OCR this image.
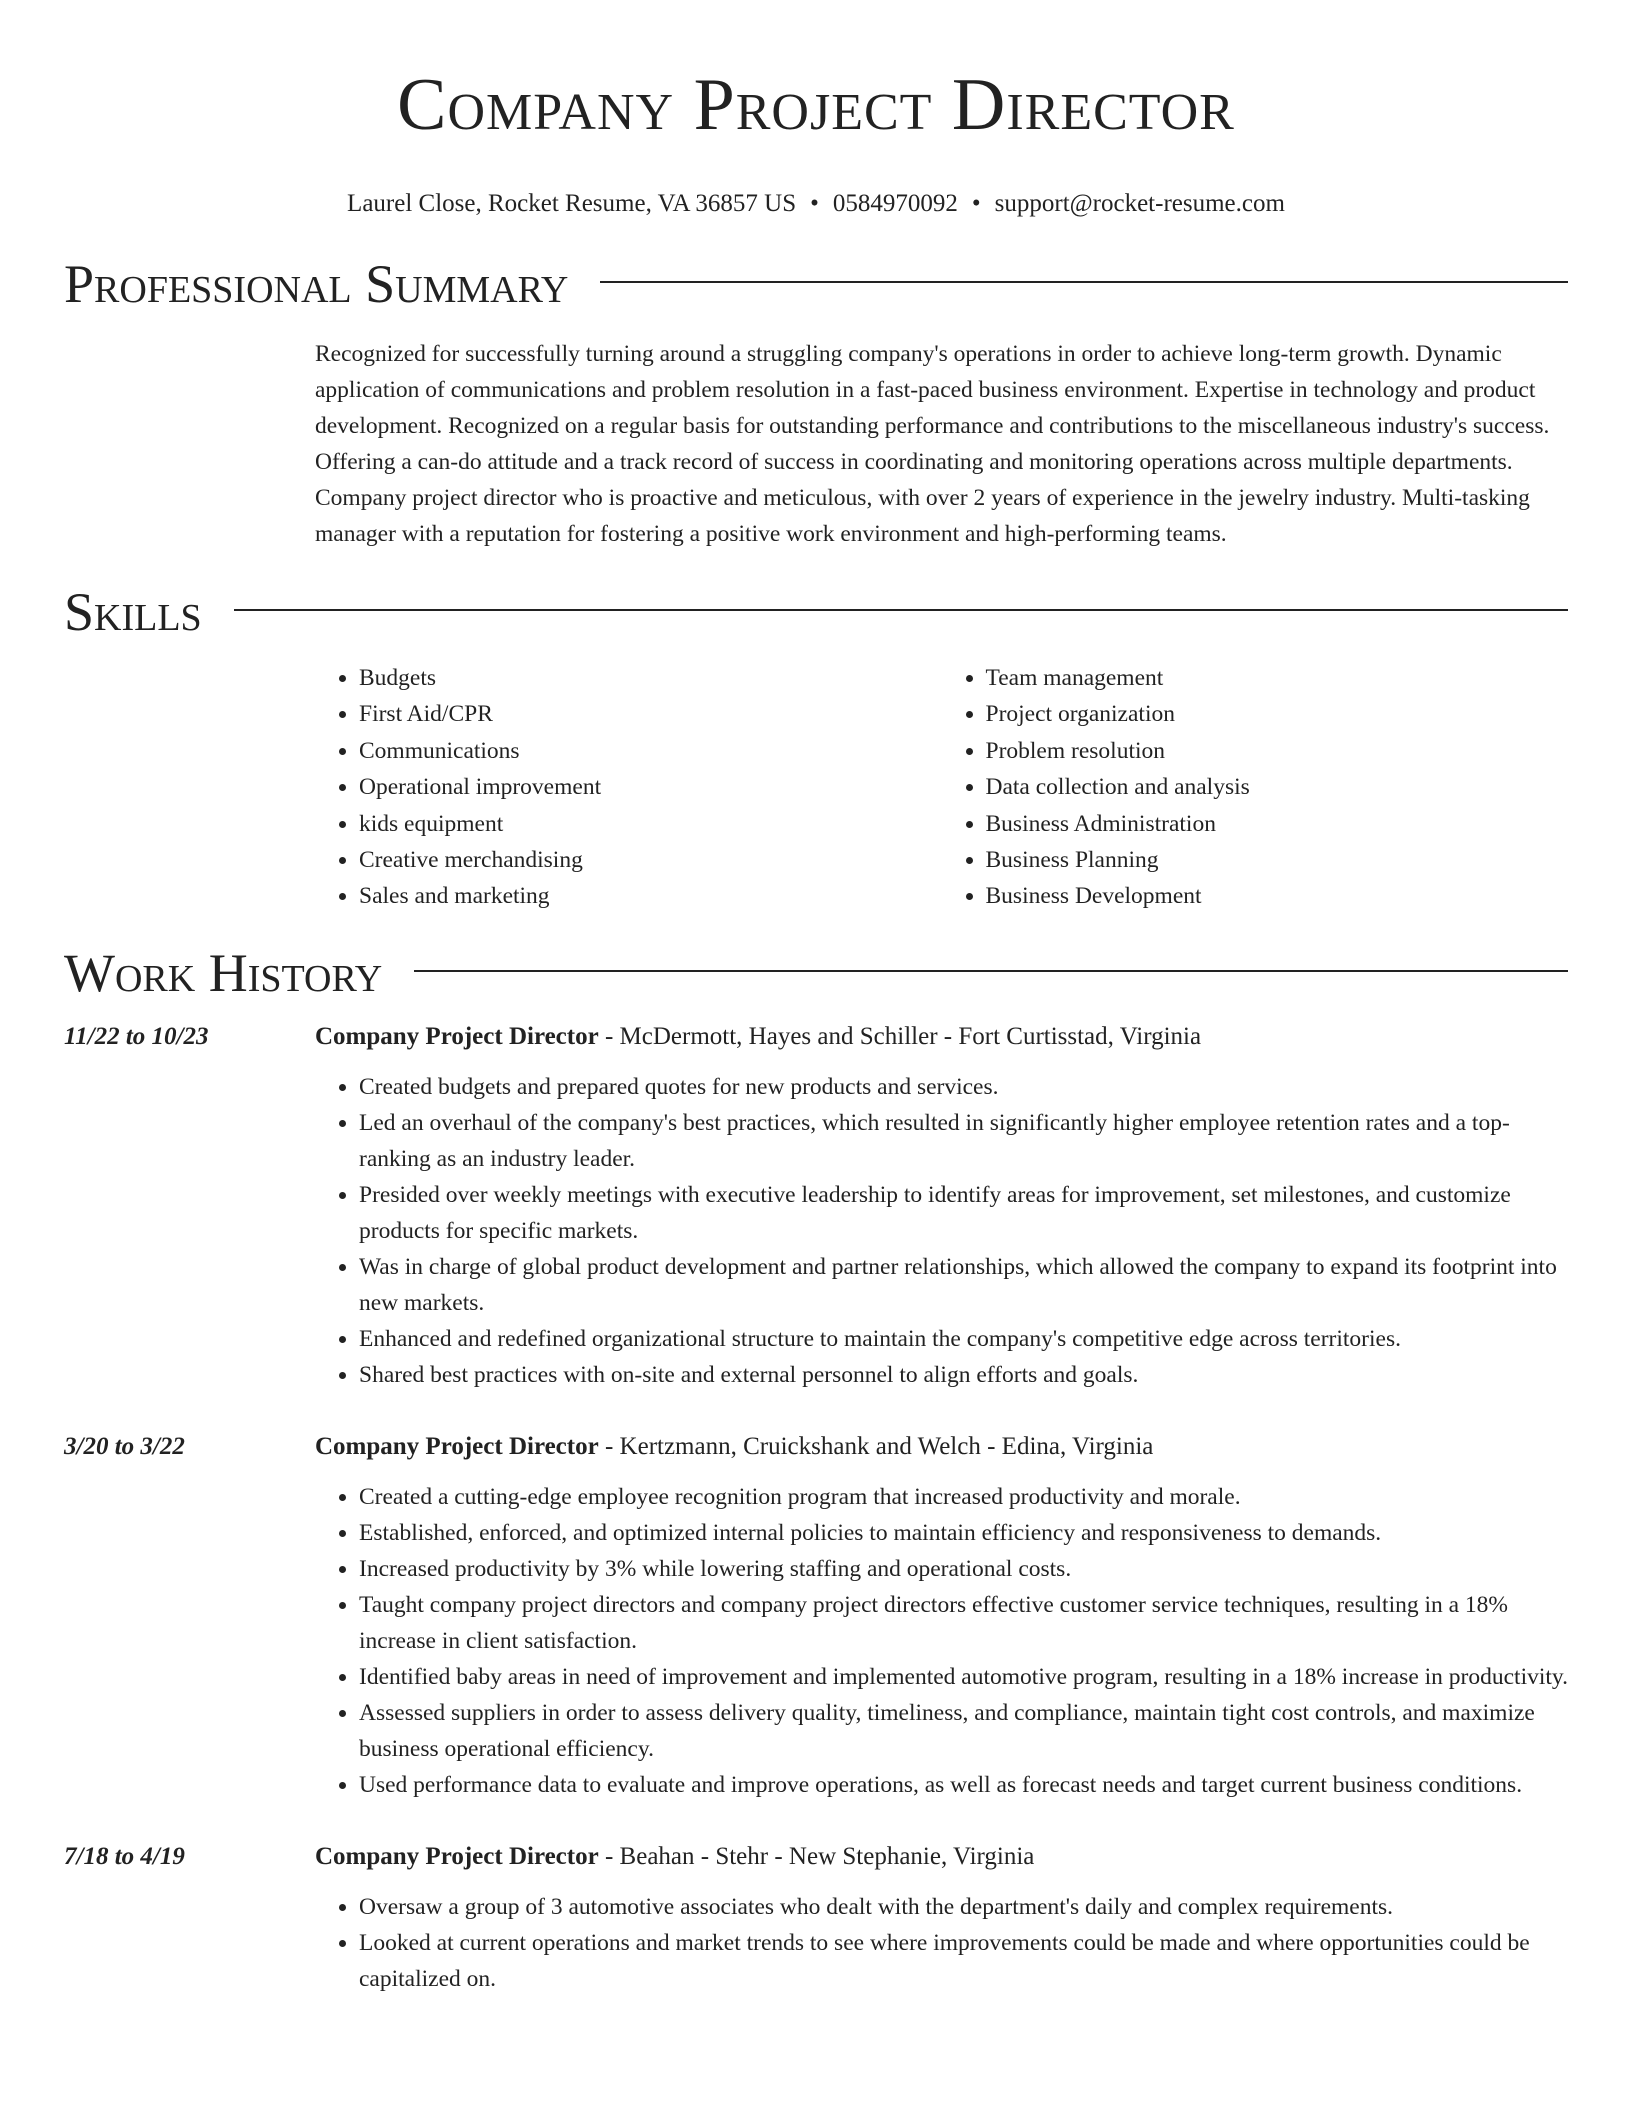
Company Project Director
Laurel Close, Rocket Resume, VA 36857 US • 0584970092 • support@rocket-resume.com
Professional Summary

Recognized for successfully turning around a struggling company's operations in order to achieve long-term growth. Dynamic application of communications and problem resolution in a fast-paced business environment. Expertise in technology and product development. Recognized on a regular basis for outstanding performance and contributions to the miscellaneous industry's success. Offering a can-do attitude and a track record of success in coordinating and monitoring operations across multiple departments. Company project director who is proactive and meticulous, with over 2 years of experience in the jewelry industry. Multi-tasking manager with a reputation for fostering a positive work environment and high-performing teams.

Skills
• Budgets
• First Aid/CPR
• Communications
• Operational improvement
• kids equipment
• Creative merchandising
• Sales and marketing
• Team management
• Project organization
• Problem resolution
• Data collection and analysis
• Business Administration
• Business Planning
• Business Development
Work History
11/22 to 10/23	Company Project Director - McDermott, Hayes and Schiller - Fort Curtisstad, Virginia
• Created budgets and prepared quotes for new products and services.
• Led an overhaul of the company's best practices, which resulted in significantly higher employee retention rates and a top-ranking as an industry leader.
• Presided over weekly meetings with executive leadership to identify areas for improvement, set milestones, and customize products for specific markets.
• Was in charge of global product development and partner relationships, which allowed the company to expand its footprint into new markets.
• Enhanced and redefined organizational structure to maintain the company's competitive edge across territories.
• Shared best practices with on-site and external personnel to align efforts and goals.
3/20 to 3/22	Company Project Director - Kertzmann, Cruickshank and Welch - Edina, Virginia
• Created a cutting-edge employee recognition program that increased productivity and morale.
• Established, enforced, and optimized internal policies to maintain efficiency and responsiveness to demands.
• Increased productivity by 3% while lowering staffing and operational costs.
• Taught company project directors and company project directors effective customer service techniques, resulting in a 18% increase in client satisfaction.
• Identified baby areas in need of improvement and implemented automotive program, resulting in a 18% increase in productivity.
• Assessed suppliers in order to assess delivery quality, timeliness, and compliance, maintain tight cost controls, and maximize business operational efficiency.
• Used performance data to evaluate and improve operations, as well as forecast needs and target current business conditions.
7/18 to 4/19	Company Project Director - Beahan - Stehr - New Stephanie, Virginia
• Oversaw a group of 3 automotive associates who dealt with the department's daily and complex requirements.
• Looked at current operations and market trends to see where improvements could be made and where opportunities could be capitalized on.
